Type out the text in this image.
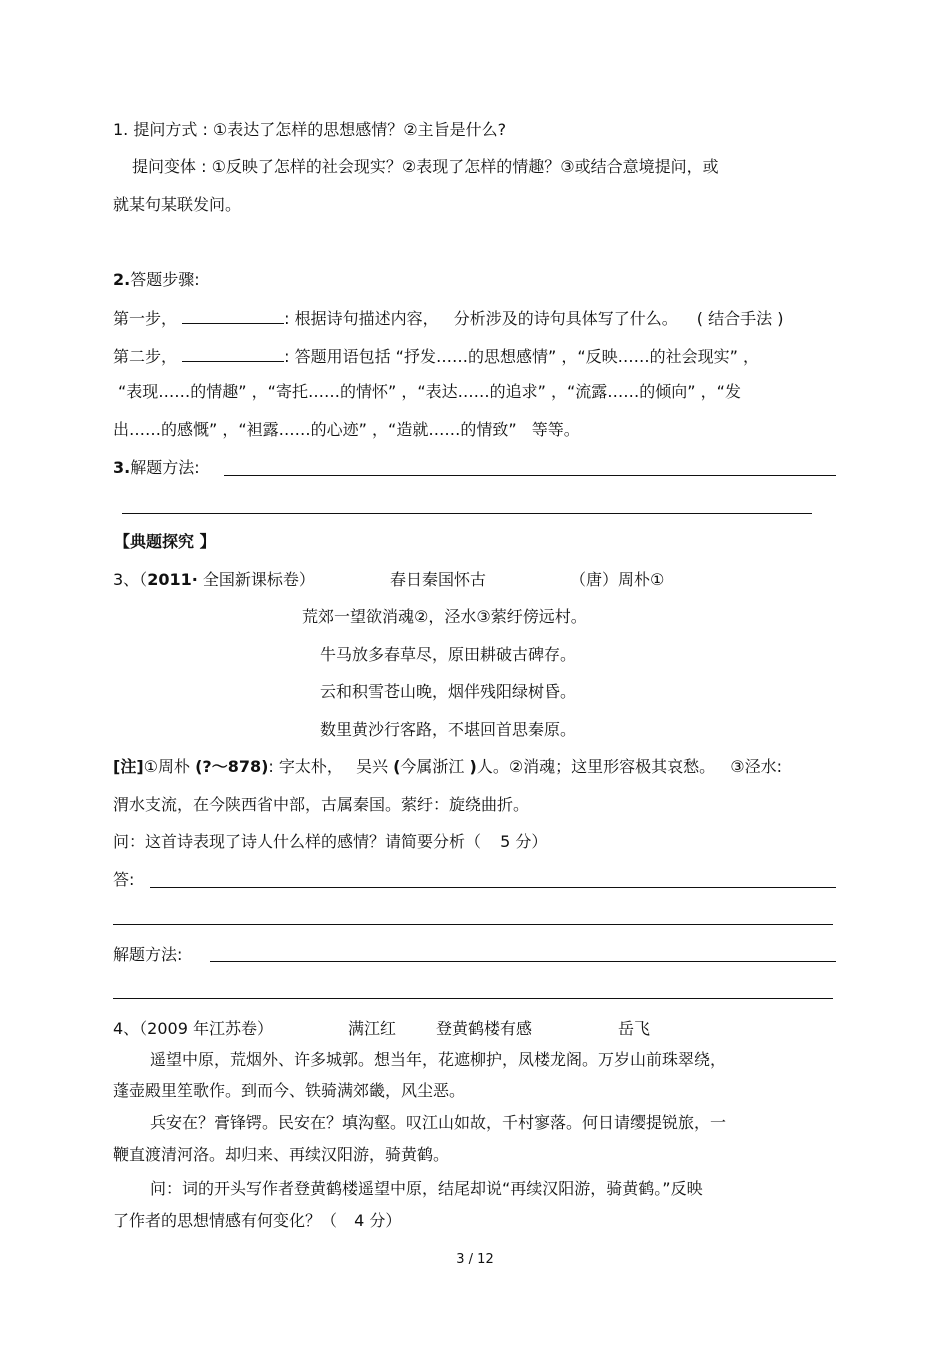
1. 提问方式 : ①表达了怎样的思想感情？②主旨是什么?
提问变体 : ①反映了怎样的社会现实？②表现了怎样的情趣？③或结合意境提问，或
就某句某联发问。
2.答题步骤:
第一步，	: 根据诗句描述内容， 分析涉及的诗句具体写了什么。 ( 结合手法 )
第二步，	: 答题用语包括 “抒发……的思想感情” ，“反映……的社会现实” ，
“表现……的情趣” ，“寄托……的情怀” ，“表达……的追求” ，“流露……的倾向” ，“发
出……的感慨” ，“袒露……的心迹” ，“造就……的情致” 等等。
3.解题方法:
【典题探究 】
3、（2011· 全国新课标卷）	春日秦国怀古	（唐）周朴①
荒郊一望欲消魂②，泾水③萦纡傍远村。
牛马放多春草尽，原田耕破古碑存。
云和积雪苍山晚，烟伴残阳绿树昏。
数里黄沙行客路，不堪回首思秦原。
[注]①周朴 (?～878): 字太朴， 吴兴 (今属浙江 )人。②消魂；这里形容极其哀愁。 ③泾水:
渭水支流，在今陕西省中部，古属秦国。萦纡：旋绕曲折。
问：这首诗表现了诗人什么样的感情？请简要分析（ 5 分）
答:
解题方法:
4、（2009 年江苏卷）	满江红 登黄鹤楼有感	岳飞
遥望中原，荒烟外、许多城郭。想当年，花遮柳护，凤楼龙阁。万岁山前珠翠绕，
蓬壶殿里笙歌作。到而今、铁骑满郊畿，风尘恶。
兵安在？膏锋锷。民安在？填沟壑。叹江山如故，千村寥落。何日请缨提锐旅，一
鞭直渡清河洛。却归来、再续汉阳游，骑黄鹤。
问：词的开头写作者登黄鹤楼遥望中原，结尾却说“再续汉阳游，骑黄鹤。”反映
了作者的思想情感有何变化？（ 4 分）
3 / 12
